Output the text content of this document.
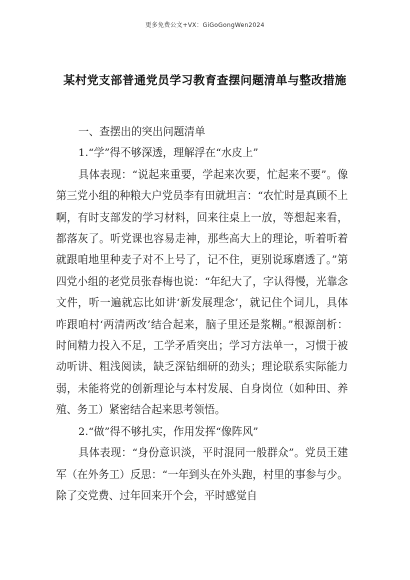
更多免费公文+VX：GiGoGongWen2024
某村党支部普通党员学习教育查摆问题清单与整改措施

一、查摆出的突出问题清单

1.“学”得不够深透，理解浮在“水皮上”

具体表现：“说起来重要，学起来次要，忙起来不要”。像第三党小组的种粮大户党员李有田就坦言：“农忙时是真顾不上啊，有时支部发的学习材料，回来往桌上一放，等想起来看，都落灰了。听党课也容易走神，那些高大上的理论，听着听着就跟咱地里种麦子对不上号了，记不住，更别说琢磨透了。”第四党小组的老党员张春梅也说：“年纪大了，字认得慢，光靠念文件，听一遍就忘比如讲‘新发展理念’，就记住个词儿，具体咋跟咱村‘两清两改’结合起来，脑子里还是浆糊。”根源剖析：时间精力投入不足，工学矛盾突出；学习方法单一，习惯于被动听讲、粗浅阅读，缺乏深钻细研的劲头；理论联系实际能力弱，未能将党的创新理论与本村发展、自身岗位（如种田、养殖、务工）紧密结合起来思考领悟。

2.“做”得不够扎实，作用发挥“像阵风”

具体表现：“身份意识淡，平时混同一般群众”。党员王建军（在外务工）反思：“一年到头在外头跑，村里的事参与少。除了交党费、过年回来开个会，平时感觉自
